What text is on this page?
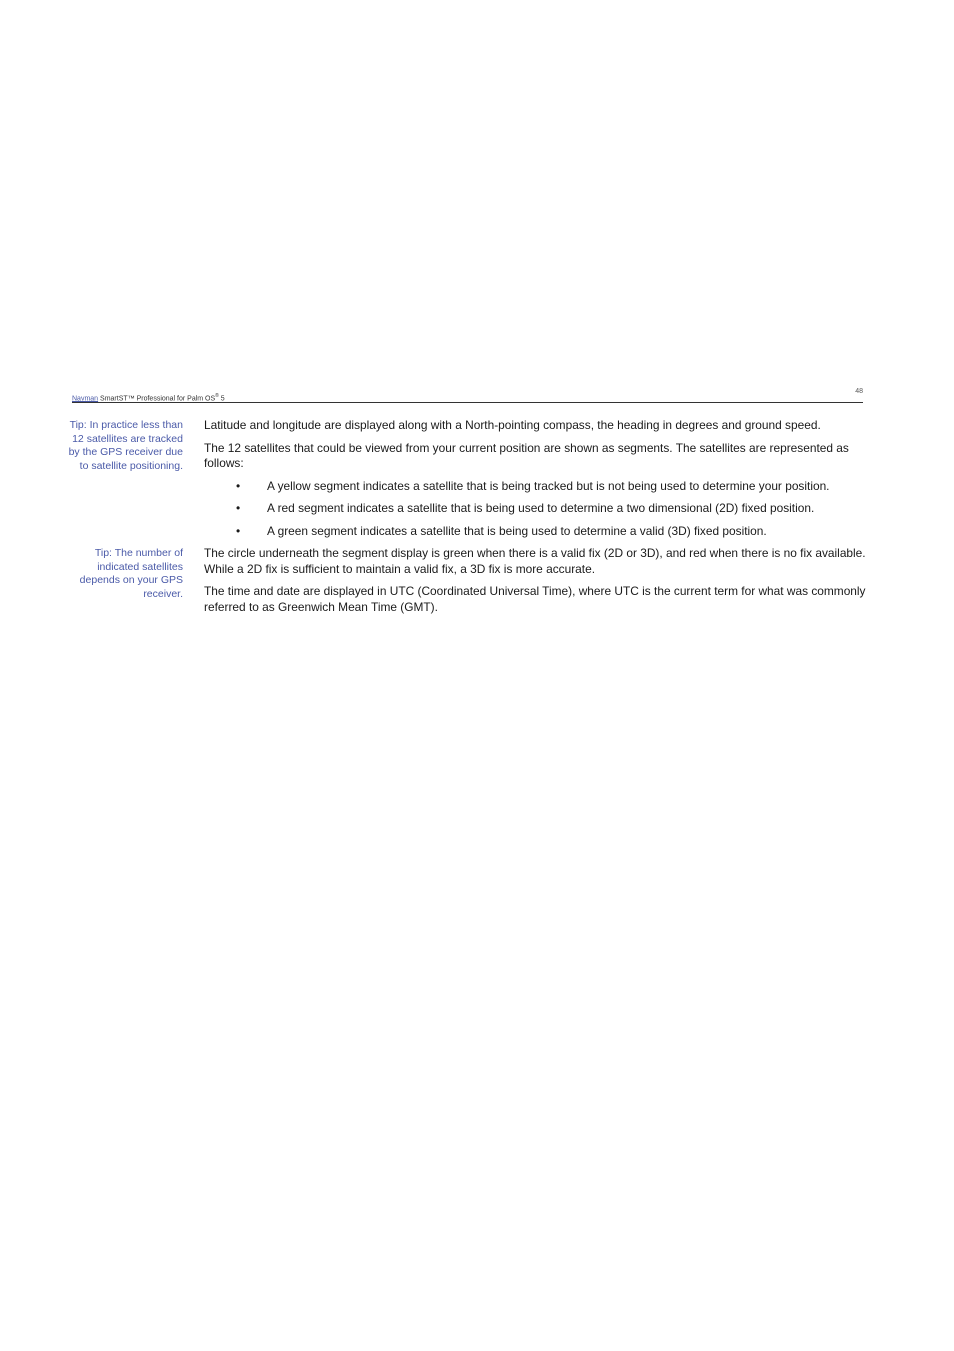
Navman SmartST™ Professional for Palm OS® 5
48
Tip: In practice less than 12 satellites are tracked by the GPS receiver due to satellite positioning.
Tip: The number of indicated satellites depends on your GPS receiver.

Latitude and longitude are displayed along with a North-pointing compass, the heading in degrees and ground speed.

The 12 satellites that could be viewed from your current position are shown as segments. The satellites are represented as follows:

• A yellow segment indicates a satellite that is being tracked but is not being used to determine your position.
• A red segment indicates a satellite that is being used to determine a two dimensional (2D) fixed position.
• A green segment indicates a satellite that is being used to determine a valid (3D) fixed position.

The circle underneath the segment display is green when there is a valid fix (2D or 3D), and red when there is no fix available. While a 2D fix is sufficient to maintain a valid fix, a 3D fix is more accurate.

The time and date are displayed in UTC (Coordinated Universal Time), where UTC is the current term for what was commonly referred to as Greenwich Mean Time (GMT).
